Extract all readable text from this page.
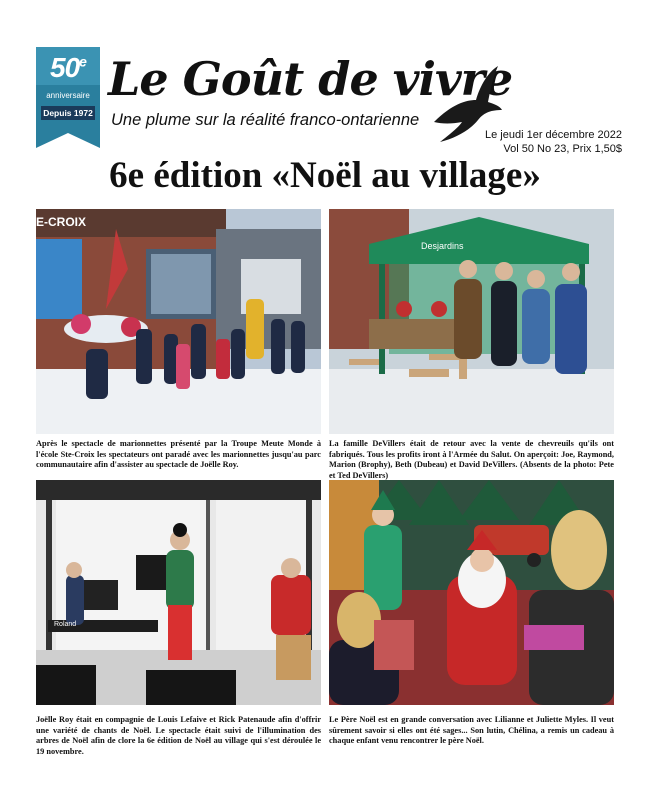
50e
anniversaire
Depuis 1972
Le Goût de vivre
Une plume sur la réalité franco-ontarienne
Le jeudi 1er décembre 2022
Vol 50 No 23, Prix 1,50$
6e édition «Noël au village»
E-CROIX
Après le spectacle de marionnettes présenté par la Troupe Meute Monde à l'école Ste-Croix les spectateurs ont paradé avec les marionnettes jusqu'au parc communautaire afin d'assister au spectacle de Joëlle Roy.
Desjardins
La famille DeVillers était de retour avec la vente de chevreuils qu'ils ont fabriqués. Tous les profits iront à l'Armée du Salut. On aperçoit: Joe, Raymond, Marion (Brophy), Beth (Dubeau) et David DeVillers. (Absents de la photo: Pete et Ted DeVillers)
Roland
Joëlle Roy était en compagnie de Louis Lefaive et Rick Patenaude afin d'offrir une variété de chants de Noël. Le spectacle était suivi de l'illumination des arbres de Noël afin de clore la 6e édition de Noël au village qui s'est déroulée le 19 novembre.
Le Père Noël est en grande conversation avec Lilianne et Juliette Myles. Il veut sûrement savoir si elles ont été sages... Son lutin, Chélina, a remis un cadeau à chaque enfant venu rencontrer le père Noël.
